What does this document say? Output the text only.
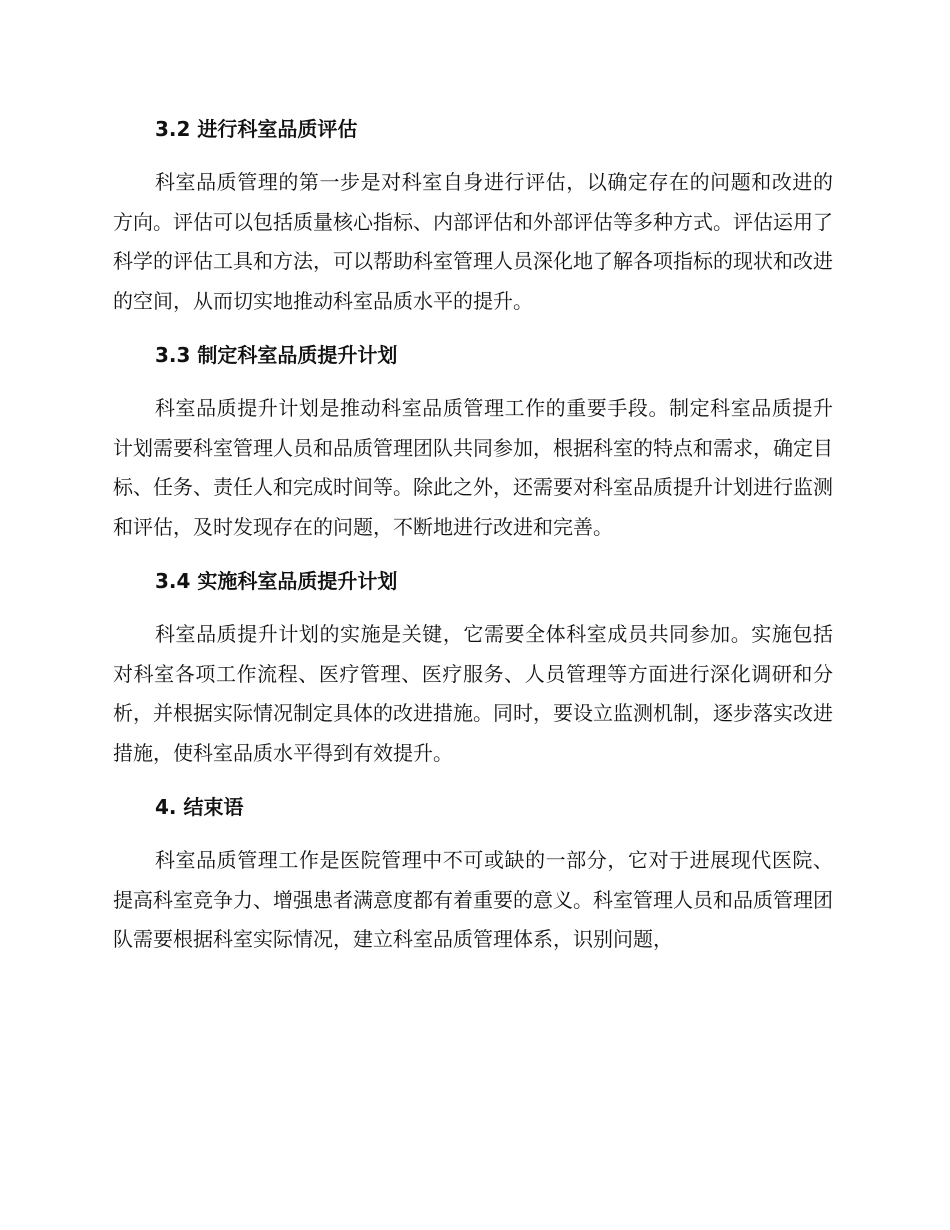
3.2 进行科室品质评估

科室品质管理的第一步是对科室自身进行评估，以确定存在的问题和改进的方向。评估可以包括质量核心指标、内部评估和外部评估等多种方式。评估运用了科学的评估工具和方法，可以帮助科室管理人员深化地了解各项指标的现状和改进的空间，从而切实地推动科室品质水平的提升。

3.3 制定科室品质提升计划

科室品质提升计划是推动科室品质管理工作的重要手段。制定科室品质提升计划需要科室管理人员和品质管理团队共同参加，根据科室的特点和需求，确定目标、任务、责任人和完成时间等。除此之外，还需要对科室品质提升计划进行监测和评估，及时发现存在的问题，不断地进行改进和完善。

3.4 实施科室品质提升计划

科室品质提升计划的实施是关键，它需要全体科室成员共同参加。实施包括对科室各项工作流程、医疗管理、医疗服务、人员管理等方面进行深化调研和分析，并根据实际情况制定具体的改进措施。同时，要设立监测机制，逐步落实改进措施，使科室品质水平得到有效提升。

4. 结束语

科室品质管理工作是医院管理中不可或缺的一部分，它对于进展现代医院、提高科室竞争力、增强患者满意度都有着重要的意义。科室管理人员和品质管理团队需要根据科室实际情况，建立科室品质管理体系，识别问题，
